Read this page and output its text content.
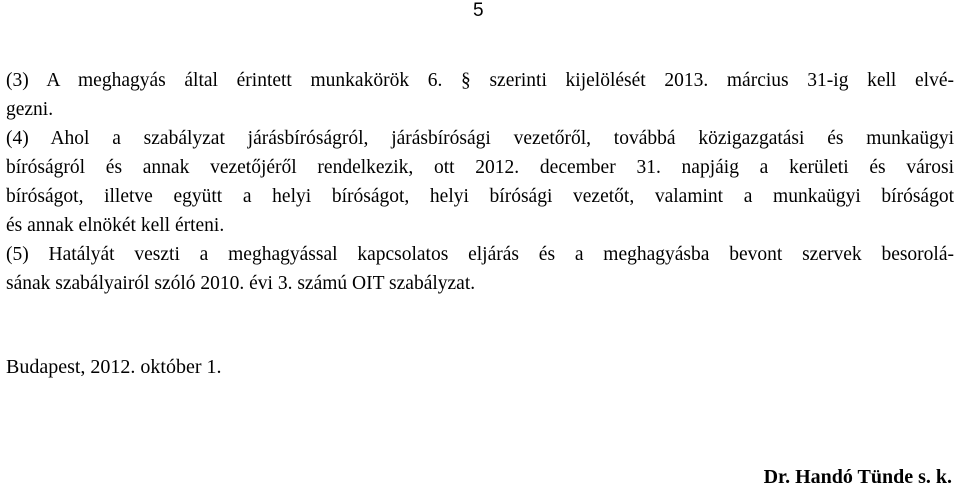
5
(3) A meghagyás által érintett munkakörök 6. § szerinti kijelölését 2013. március 31-ig kell elvé-
gezni.
(4) Ahol a szabályzat járásbíróságról, járásbírósági vezetőről, továbbá közigazgatási és munkaügyi
bíróságról és annak vezetőjéről rendelkezik, ott 2012. december 31. napjáig a kerületi és városi
bíróságot, illetve együtt a helyi bíróságot, helyi bírósági vezetőt, valamint a munkaügyi bíróságot
és annak elnökét kell érteni.
(5) Hatályát veszti a meghagyással kapcsolatos eljárás és a meghagyásba bevont szervek besorolá-
sának szabályairól szóló 2010. évi 3. számú OIT szabályzat.
Budapest, 2012. október 1.
Dr. Handó Tünde s. k.
